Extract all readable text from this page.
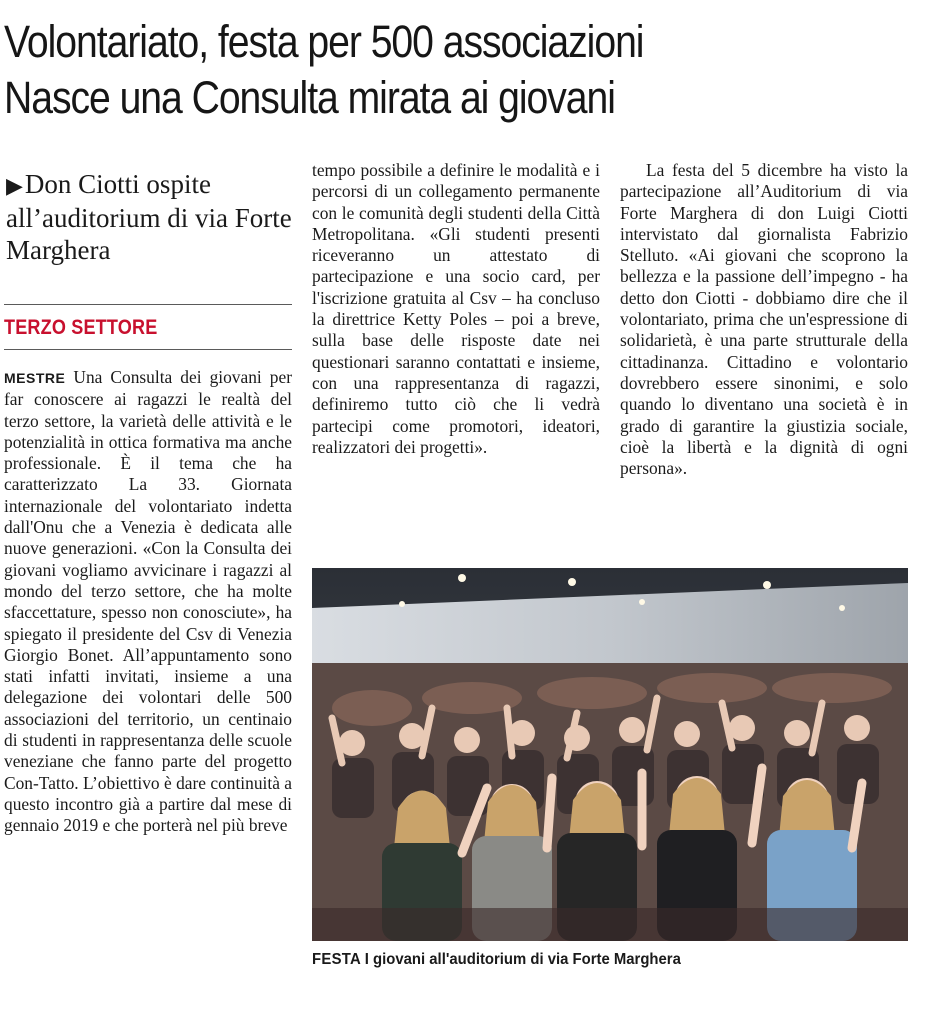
Volontariato, festa per 500 associazioni
Nasce una Consulta mirata ai giovani
▶Don Ciotti ospite all’auditorium di via Forte Marghera
TERZO SETTORE

MESTRE Una Consulta dei giovani per far conoscere ai ragazzi le realtà del terzo settore, la varietà delle attività e le potenzialità in ottica formativa ma anche professionale. È il tema che ha caratterizzato La 33. Giornata internazionale del volontariato indetta dall'Onu che a Venezia è dedicata alle nuove generazioni. «Con la Consulta dei giovani vogliamo avvicinare i ragazzi al mondo del terzo settore, che ha molte sfaccettature, spesso non conosciute», ha spiegato il presidente del Csv di Venezia Giorgio Bonet. All’appuntamento sono stati infatti invitati, insieme a una delegazione dei volontari delle 500 associazioni del territorio, un centinaio di studenti in rappresentanza delle scuole veneziane che fanno parte del progetto Con-Tatto. L’obiettivo è dare continuità a questo incontro già a partire dal mese di gennaio 2019 e che porterà nel più breve

tempo possibile a definire le modalità e i percorsi di un collegamento permanente con le comunità degli studenti della Città Metropolitana. «Gli studenti presenti riceveranno un attestato di partecipazione e una socio card, per l'iscrizione gratuita al Csv – ha concluso la direttrice Ketty Poles – poi a breve, sulla base delle risposte date nei questionari saranno contattati e insieme, con una rappresentanza di ragazzi, definiremo tutto ciò che li vedrà partecipi come promotori, ideatori, realizzatori dei progetti».

La festa del 5 dicembre ha visto la partecipazione all’Auditorium di via Forte Marghera di don Luigi Ciotti intervistato dal giornalista Fabrizio Stelluto. «Ai giovani che scoprono la bellezza e la passione dell’impegno - ha detto don Ciotti - dobbiamo dire che il volontariato, prima che un'espressione di solidarietà, è una parte strutturale della cittadinanza. Cittadino e volontario dovrebbero essere sinonimi, e solo quando lo diventano una società è in grado di garantire la giustizia sociale, cioè la libertà e la dignità di ogni persona».

FESTA I giovani all'auditorium di via Forte Marghera
